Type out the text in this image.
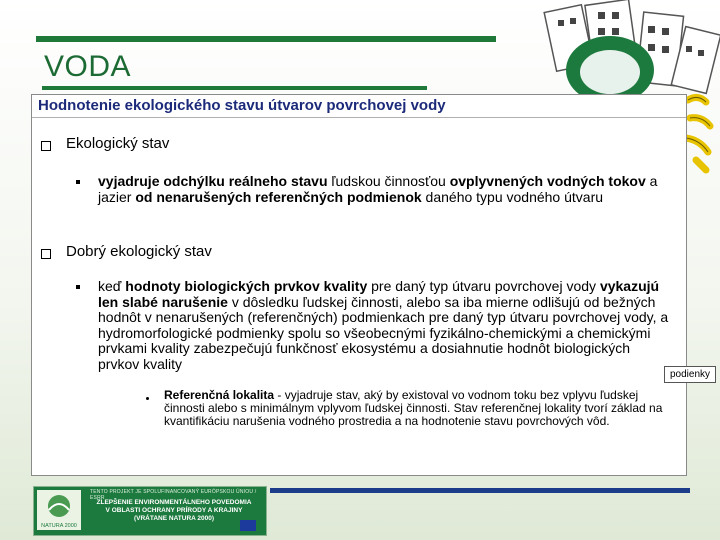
VODA
Hodnotenie ekologického stavu útvarov povrchovej vody
Ekologický stav
vyjadruje odchýlku reálneho stavu ľudskou činnosťou ovplyvnených vodných tokov a jazier od nenarušených referenčných podmienok daného typu vodného útvaru
Dobrý ekologický stav
keď hodnoty biologických prvkov kvality pre daný typ útvaru povrchovej vody vykazujú len slabé narušenie v dôsledku ľudskej činnosti, alebo sa iba mierne odlišujú od bežných hodnôt v nenarušených (referenčných) podmienkach pre daný typ útvaru povrchovej vody, a hydromorfologické podmienky spolu so všeobecnými fyzikálno-chemickými a chemickými prvkami kvality zabezpečujú funkčnosť ekosystému a dosiahnutie hodnôt biologických prvkov kvality
Referenčná lokalita - vyjadruje stav, aký by existoval vo vodnom toku bez vplyvu ľudskej činnosti alebo s minimálnym vplyvom ľudskej činnosti. Stav referenčnej lokality tvorí základ na kvantifikáciu narušenia vodného prostredia a na hodnotenie stavu povrchových vôd.
podienky
NATURA 2000
TENTO PROJEKT JE SPOLUFINANCOVANÝ EURÓPSKOU ÚNIOU / ESRR
ZLEPŠENIE ENVIRONMENTÁLNEHO POVEDOMIA V OBLASTI OCHRANY PRÍRODY A KRAJINY (VRÁTANE NATURA 2000)
